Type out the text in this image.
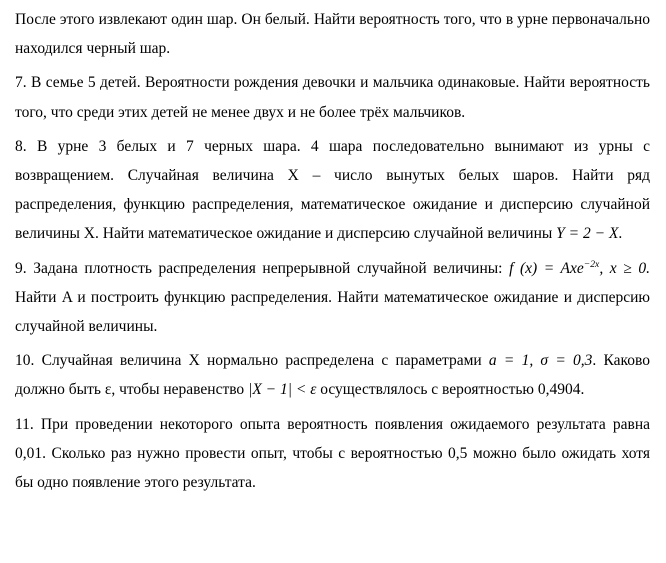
После этого извлекают один шар. Он белый. Найти вероятность того, что в урне первоначально находился черный шар.

7. В семье 5 детей. Вероятности рождения девочки и мальчика одинаковые. Найти вероятность того, что среди этих детей не менее двух и не более трёх мальчиков.

8. В урне 3 белых и 7 черных шара. 4 шара последовательно вынимают из урны с возвращением. Случайная величина X – число вынутых белых шаров. Найти ряд распределения, функцию распределения, математическое ожидание и дисперсию случайной величины X. Найти математическое ожидание и дисперсию случайной величины Y = 2 − X.

9. Задана плотность распределения непрерывной случайной величины: f (x) = Axe$^{-2x}$, x ≥ 0. Найти A и построить функцию распределения. Найти математическое ожидание и дисперсию случайной величины.

10. Случайная величина X нормально распределена с параметрами a = 1, σ = 0,3. Каково должно быть ε, чтобы неравенство |X − 1| < ε осуществлялось с вероятностью 0,4904.

11. При проведении некоторого опыта вероятность появления ожидаемого результата равна 0,01. Сколько раз нужно провести опыт, чтобы с вероятностью 0,5 можно было ожидать хотя бы одно появление этого результата.
